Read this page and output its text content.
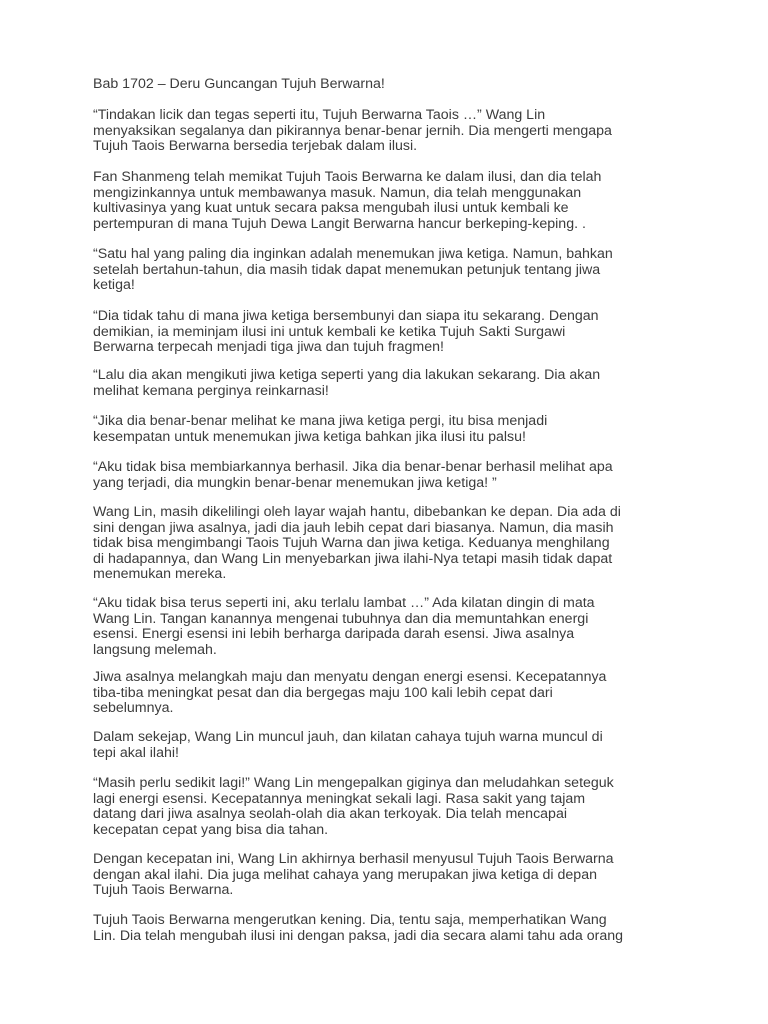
Bab 1702 – Deru Guncangan Tujuh Berwarna!

“Tindakan licik dan tegas seperti itu, Tujuh Berwarna Taois …” Wang Lin
menyaksikan segalanya dan pikirannya benar-benar jernih. Dia mengerti mengapa
Tujuh Taois Berwarna bersedia terjebak dalam ilusi.

Fan Shanmeng telah memikat Tujuh Taois Berwarna ke dalam ilusi, dan dia telah
mengizinkannya untuk membawanya masuk. Namun, dia telah menggunakan
kultivasinya yang kuat untuk secara paksa mengubah ilusi untuk kembali ke
pertempuran di mana Tujuh Dewa Langit Berwarna hancur berkeping-keping. .

“Satu hal yang paling dia inginkan adalah menemukan jiwa ketiga. Namun, bahkan
setelah bertahun-tahun, dia masih tidak dapat menemukan petunjuk tentang jiwa
ketiga!

“Dia tidak tahu di mana jiwa ketiga bersembunyi dan siapa itu sekarang. Dengan
demikian, ia meminjam ilusi ini untuk kembali ke ketika Tujuh Sakti Surgawi
Berwarna terpecah menjadi tiga jiwa dan tujuh fragmen!

“Lalu dia akan mengikuti jiwa ketiga seperti yang dia lakukan sekarang. Dia akan
melihat kemana perginya reinkarnasi!

“Jika dia benar-benar melihat ke mana jiwa ketiga pergi, itu bisa menjadi
kesempatan untuk menemukan jiwa ketiga bahkan jika ilusi itu palsu!

“Aku tidak bisa membiarkannya berhasil. Jika dia benar-benar berhasil melihat apa
yang terjadi, dia mungkin benar-benar menemukan jiwa ketiga! ”

Wang Lin, masih dikelilingi oleh layar wajah hantu, dibebankan ke depan. Dia ada di
sini dengan jiwa asalnya, jadi dia jauh lebih cepat dari biasanya. Namun, dia masih
tidak bisa mengimbangi Taois Tujuh Warna dan jiwa ketiga. Keduanya menghilang
di hadapannya, dan Wang Lin menyebarkan jiwa ilahi-Nya tetapi masih tidak dapat
menemukan mereka.

“Aku tidak bisa terus seperti ini, aku terlalu lambat …” Ada kilatan dingin di mata
Wang Lin. Tangan kanannya mengenai tubuhnya dan dia memuntahkan energi
esensi. Energi esensi ini lebih berharga daripada darah esensi. Jiwa asalnya
langsung melemah.

Jiwa asalnya melangkah maju dan menyatu dengan energi esensi. Kecepatannya
tiba-tiba meningkat pesat dan dia bergegas maju 100 kali lebih cepat dari
sebelumnya.

Dalam sekejap, Wang Lin muncul jauh, dan kilatan cahaya tujuh warna muncul di
tepi akal ilahi!

“Masih perlu sedikit lagi!” Wang Lin mengepalkan giginya dan meludahkan seteguk
lagi energi esensi. Kecepatannya meningkat sekali lagi. Rasa sakit yang tajam
datang dari jiwa asalnya seolah-olah dia akan terkoyak. Dia telah mencapai
kecepatan cepat yang bisa dia tahan.

Dengan kecepatan ini, Wang Lin akhirnya berhasil menyusul Tujuh Taois Berwarna
dengan akal ilahi. Dia juga melihat cahaya yang merupakan jiwa ketiga di depan
Tujuh Taois Berwarna.

Tujuh Taois Berwarna mengerutkan kening. Dia, tentu saja, memperhatikan Wang
Lin. Dia telah mengubah ilusi ini dengan paksa, jadi dia secara alami tahu ada orang
